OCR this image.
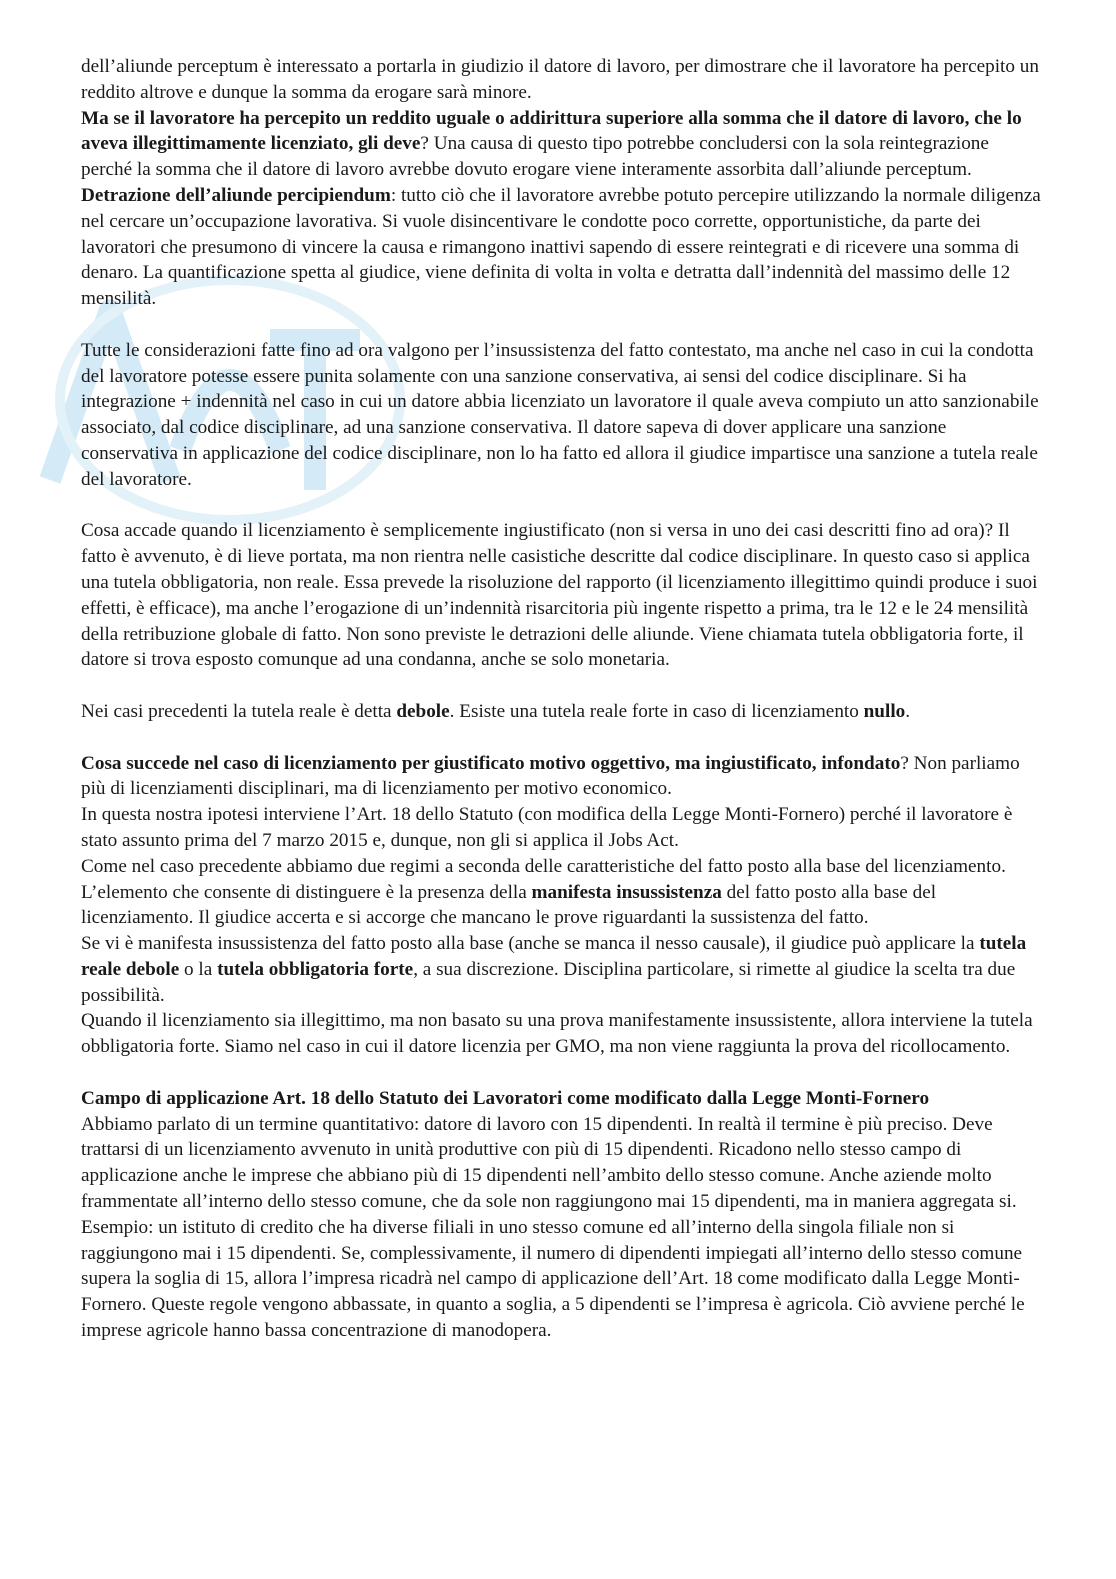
dell’aliunde perceptum è interessato a portarla in giudizio il datore di lavoro, per dimostrare che il lavoratore ha percepito un reddito altrove e dunque la somma da erogare sarà minore.

Ma se il lavoratore ha percepito un reddito uguale o addirittura superiore alla somma che il datore di lavoro, che lo aveva illegittimamente licenziato, gli deve? Una causa di questo tipo potrebbe concludersi con la sola reintegrazione perché la somma che il datore di lavoro avrebbe dovuto erogare viene interamente assorbita dall’aliunde perceptum.

Detrazione dell’aliunde percipiendum: tutto ciò che il lavoratore avrebbe potuto percepire utilizzando la normale diligenza nel cercare un’occupazione lavorativa. Si vuole disincentivare le condotte poco corrette, opportunistiche, da parte dei lavoratori che presumono di vincere la causa e rimangono inattivi sapendo di essere reintegrati e di ricevere una somma di denaro. La quantificazione spetta al giudice, viene definita di volta in volta e detratta dall’indennità del massimo delle 12 mensilità.

Tutte le considerazioni fatte fino ad ora valgono per l’insussistenza del fatto contestato, ma anche nel caso in cui la condotta del lavoratore potesse essere punita solamente con una sanzione conservativa, ai sensi del codice disciplinare. Si ha integrazione + indennità nel caso in cui un datore abbia licenziato un lavoratore il quale aveva compiuto un atto sanzionabile associato, dal codice disciplinare, ad una sanzione conservativa. Il datore sapeva di dover applicare una sanzione conservativa in applicazione del codice disciplinare, non lo ha fatto ed allora il giudice impartisce una sanzione a tutela reale del lavoratore.

Cosa accade quando il licenziamento è semplicemente ingiustificato (non si versa in uno dei casi descritti fino ad ora)? Il fatto è avvenuto, è di lieve portata, ma non rientra nelle casistiche descritte dal codice disciplinare. In questo caso si applica una tutela obbligatoria, non reale. Essa prevede la risoluzione del rapporto (il licenziamento illegittimo quindi produce i suoi effetti, è efficace), ma anche l’erogazione di un’indennità risarcitoria più ingente rispetto a prima, tra le 12 e le 24 mensilità della retribuzione globale di fatto. Non sono previste le detrazioni delle aliunde. Viene chiamata tutela obbligatoria forte, il datore si trova esposto comunque ad una condanna, anche se solo monetaria.

Nei casi precedenti la tutela reale è detta debole. Esiste una tutela reale forte in caso di licenziamento nullo.

Cosa succede nel caso di licenziamento per giustificato motivo oggettivo, ma ingiustificato, infondato? Non parliamo più di licenziamenti disciplinari, ma di licenziamento per motivo economico.

In questa nostra ipotesi interviene l’Art. 18 dello Statuto (con modifica della Legge Monti-Fornero) perché il lavoratore è stato assunto prima del 7 marzo 2015 e, dunque, non gli si applica il Jobs Act.

Come nel caso precedente abbiamo due regimi a seconda delle caratteristiche del fatto posto alla base del licenziamento. L’elemento che consente di distinguere è la presenza della manifesta insussistenza del fatto posto alla base del licenziamento. Il giudice accerta e si accorge che mancano le prove riguardanti la sussistenza del fatto.

Se vi è manifesta insussistenza del fatto posto alla base (anche se manca il nesso causale), il giudice può applicare la tutela reale debole o la tutela obbligatoria forte, a sua discrezione. Disciplina particolare, si rimette al giudice la scelta tra due possibilità.

Quando il licenziamento sia illegittimo, ma non basato su una prova manifestamente insussistente, allora interviene la tutela obbligatoria forte. Siamo nel caso in cui il datore licenzia per GMO, ma non viene raggiunta la prova del ricollocamento.

Campo di applicazione Art. 18 dello Statuto dei Lavoratori come modificato dalla Legge Monti-Fornero

Abbiamo parlato di un termine quantitativo: datore di lavoro con 15 dipendenti. In realtà il termine è più preciso. Deve trattarsi di un licenziamento avvenuto in unità produttive con più di 15 dipendenti. Ricadono nello stesso campo di applicazione anche le imprese che abbiano più di 15 dipendenti nell’ambito dello stesso comune. Anche aziende molto frammentate all’interno dello stesso comune, che da sole non raggiungono mai 15 dipendenti, ma in maniera aggregata si. Esempio: un istituto di credito che ha diverse filiali in uno stesso comune ed all’interno della singola filiale non si raggiungono mai i 15 dipendenti. Se, complessivamente, il numero di dipendenti impiegati all’interno dello stesso comune supera la soglia di 15, allora l’impresa ricadrà nel campo di applicazione dell’Art. 18 come modificato dalla Legge Monti-Fornero. Queste regole vengono abbassate, in quanto a soglia, a 5 dipendenti se l’impresa è agricola. Ciò avviene perché le imprese agricole hanno bassa concentrazione di manodopera.
